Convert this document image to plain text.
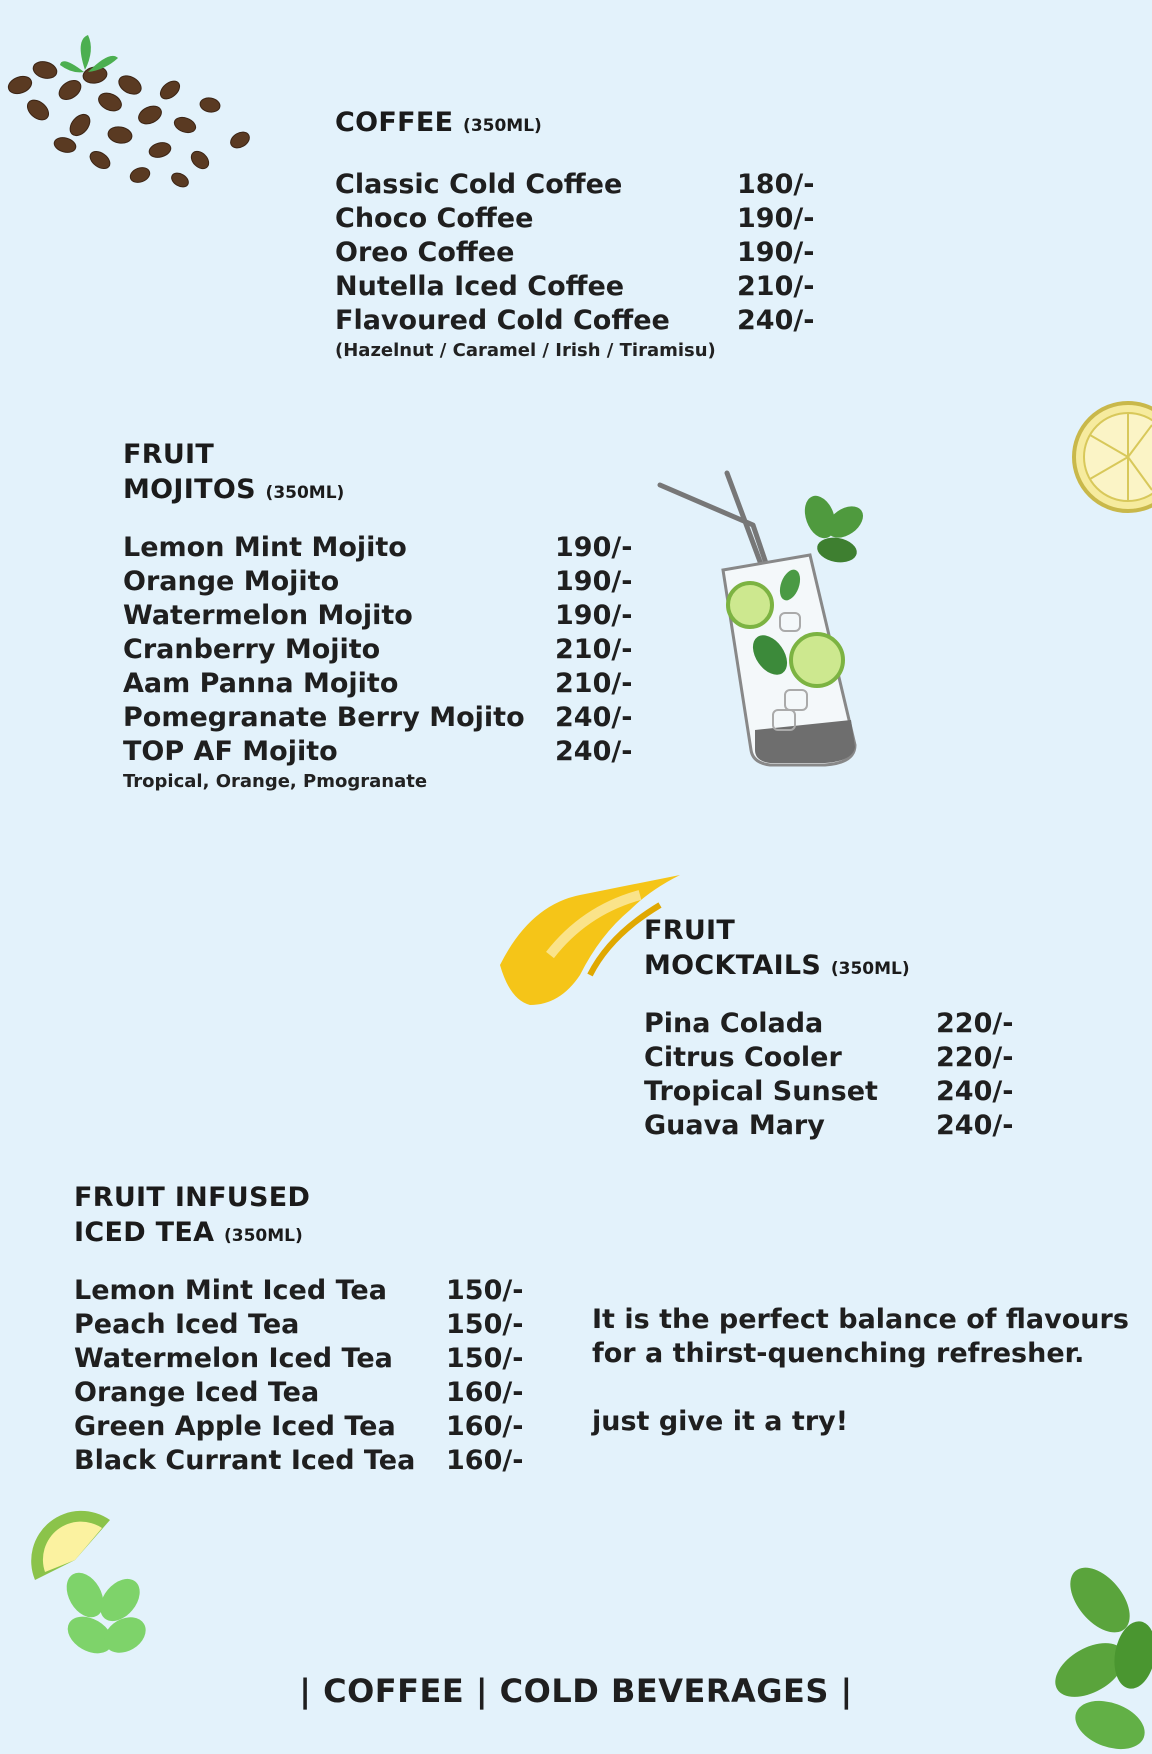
COFFEE (350ML)
Classic Cold Coffee	180/-
Choco Coffee	190/-
Oreo Coffee	190/-
Nutella Iced Coffee	210/-
Flavoured Cold Coffee	240/-
(Hazelnut / Caramel / Irish / Tiramisu)
FRUIT
MOJITOS (350ML)
Lemon Mint Mojito	190/-
Orange Mojito	190/-
Watermelon Mojito	190/-
Cranberry Mojito	210/-
Aam Panna Mojito	210/-
Pomegranate Berry Mojito	240/-
TOP AF Mojito	240/-
Tropical, Orange, Pmogranate
FRUIT
MOCKTAILS (350ML)
Pina Colada	220/-
Citrus Cooler	220/-
Tropical Sunset	240/-
Guava Mary	240/-
FRUIT INFUSED
ICED TEA (350ML)
Lemon Mint Iced Tea	150/-
Peach Iced Tea	150/-
Watermelon Iced Tea	150/-
Orange Iced Tea	160/-
Green Apple Iced Tea	160/-
Black Currant Iced Tea	160/-
It is the perfect balance of flavours
for a thirst-quenching refresher.
just give it a try!
| COFFEE | COLD BEVERAGES |
